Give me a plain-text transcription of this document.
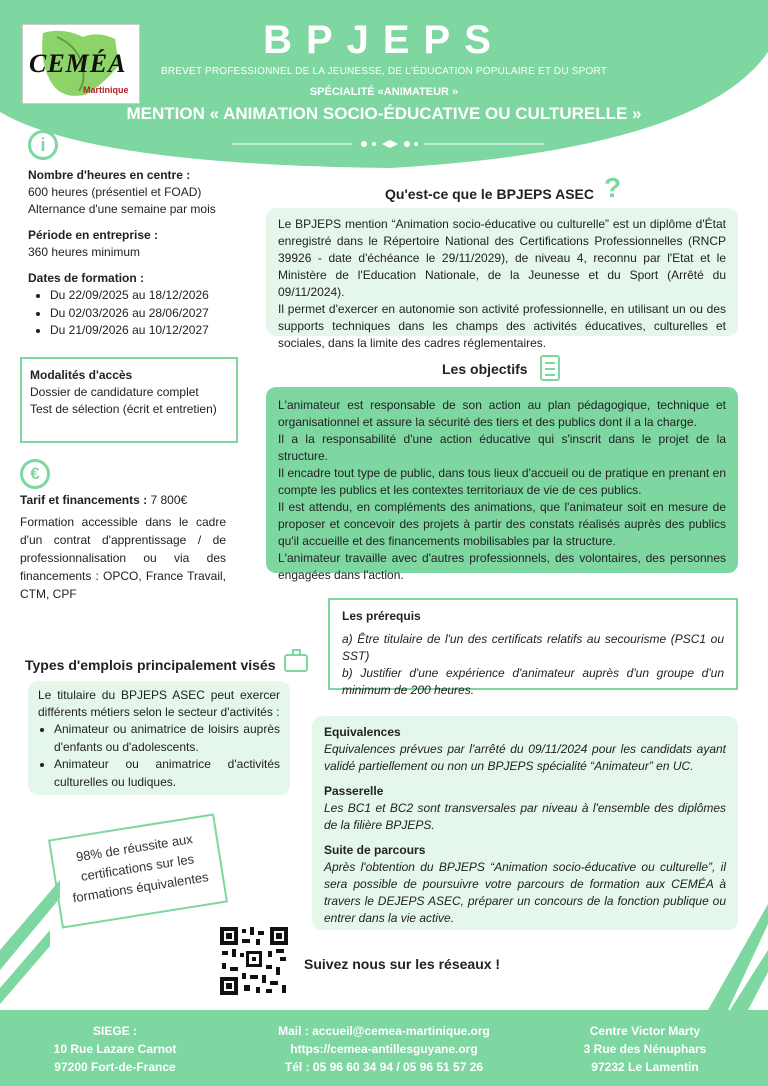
CEMÉA
Martinique
BPJEPS
BREVET PROFESSIONNEL DE LA JEUNESSE, DE L'ÉDUCATION POPULAIRE ET DU SPORT
SPÉCIALITÉ «ANIMATEUR »
MENTION « ANIMATION SOCIO-ÉDUCATIVE OU CULTURELLE »
i
Nombre d'heures en centre :
600 heures (présentiel et FOAD)
Alternance d'une semaine par mois
Période en entreprise :
360 heures minimum
Dates de formation :
• Du 22/09/2025 au 18/12/2026
• Du 02/03/2026 au 28/06/2027
• Du 21/09/2026 au 10/12/2027
Modalités d'accès
Dossier de candidature complet
Test de sélection (écrit et entretien)
€
Tarif et financements : 7 800€
Formation accessible dans le cadre d'un contrat d'apprentissage / de professionnalisation ou via des financements : OPCO, France Travail, CTM, CPF
Qu'est-ce que le BPJEPS ASEC ?
Le BPJEPS mention “Animation socio-éducative ou culturelle” est un diplôme d'État enregistré dans le Répertoire National des Certifications Professionnelles (RNCP 39926 - date d'échéance le 29/11/2029), de niveau 4, reconnu par l'Etat et le Ministère de l'Education Nationale, de la Jeunesse et du Sport (Arrêté du 09/11/2024).
Il permet d'exercer en autonomie son activité professionnelle, en utilisant un ou des supports techniques dans les champs des activités éducatives, culturelles et sociales, dans la limite des cadres réglementaires.
Les objectifs
L'animateur est responsable de son action au plan pédagogique, technique et organisationnel et assure la sécurité des tiers et des publics dont il a la charge.
Il a la responsabilité d'une action éducative qui s'inscrit dans le projet de la structure.
Il encadre tout type de public, dans tous lieux d'accueil ou de pratique en prenant en compte les publics et les contextes territoriaux de vie de ces publics.
Il est attendu, en compléments des animations, que l'animateur soit en mesure de proposer et concevoir des projets à partir des constats réalisés auprès des publics qu'il accueille et des financements mobilisables par la structure.
L'animateur travaille avec d'autres professionnels, des volontaires, des personnes engagées dans l'action.
Les prérequis
a) Être titulaire de l'un des certificats relatifs au secourisme (PSC1 ou SST)
b) Justifier d'une expérience d'animateur auprès d'un groupe d'un minimum de 200 heures.
Types d'emplois principalement visés
Le titulaire du BPJEPS ASEC peut exercer différents métiers selon le secteur d'activités :
• Animateur ou animatrice de loisirs auprès d'enfants ou d'adolescents.
• Animateur ou animatrice d'activités culturelles ou ludiques.
98% de réussite aux certifications sur les formations équivalentes
Equivalences
Equivalences prévues par l'arrêté du 09/11/2024 pour les candidats ayant validé partiellement ou non un BPJEPS spécialité “Animateur” en UC.
Passerelle
Les BC1 et BC2 sont transversales par niveau à l'ensemble des diplômes de la filière BPJEPS.
Suite de parcours
Après l'obtention du BPJEPS “Animation socio-éducative ou culturelle”, il sera possible de poursuivre votre parcours de formation aux CEMÉA à travers le DEJEPS ASEC, préparer un concours de la fonction publique ou entrer dans la vie active.
Suivez nous sur les réseaux !
SIEGE :
10 Rue Lazare Carnot
97200 Fort-de-France
Mail : accueil@cemea-martinique.org
https://cemea-antillesguyane.org
Tél : 05 96 60 34 94 / 05 96 51 57 26
Centre Victor Marty
3 Rue des Nénuphars
97232 Le Lamentin
